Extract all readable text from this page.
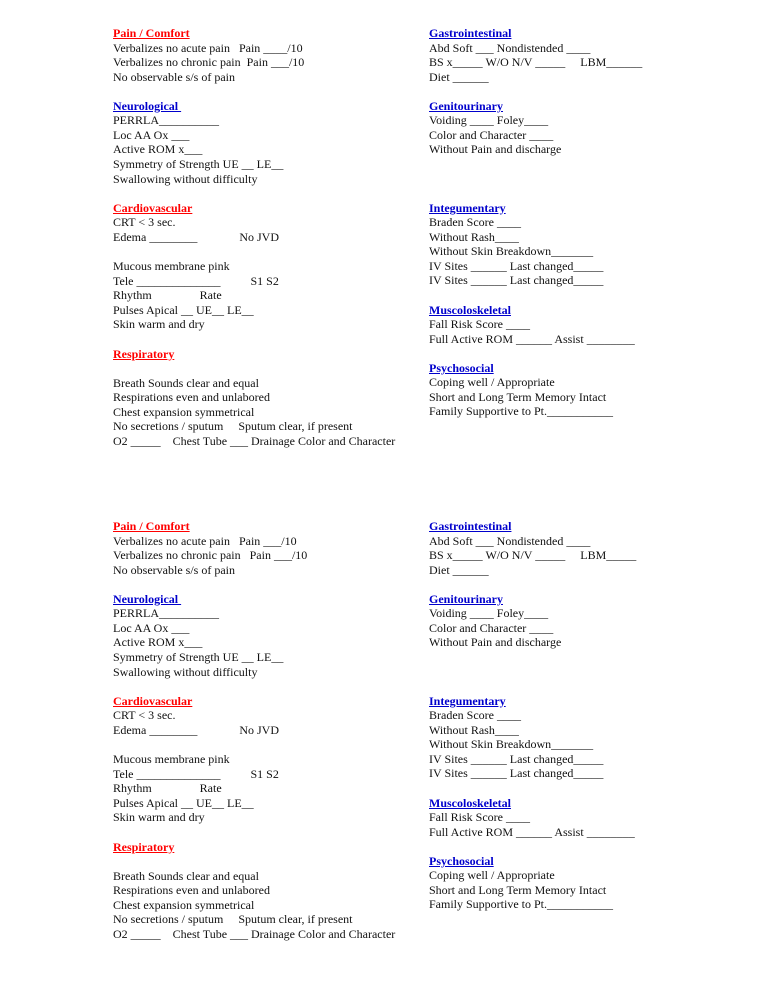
Pain / Comfort
Verbalizes no acute pain   Pain ____/10
Verbalizes no chronic pain  Pain ___/10
No observable s/s of pain
Neurological
PERRLA__________
Loc AA Ox ___
Active ROM x___
Symmetry of Strength UE __ LE__
Swallowing without difficulty
Cardiovascular
CRT < 3 sec.
Edema ________              No JVD
Mucous membrane pink
Tele ______________          S1 S2
Rhythm                Rate
Pulses Apical __ UE__ LE__
Skin warm and dry
Respiratory
Breath Sounds clear and equal
Respirations even and unlabored
Chest expansion symmetrical
No secretions / sputum     Sputum clear, if present
O2 _____    Chest Tube ___ Drainage Color and Character
Gastrointestinal
Abd Soft ___ Nondistended ____
BS x_____ W/O N/V _____     LBM______
Diet ______
Genitourinary
Voiding ____ Foley____
Color and Character ____
Without Pain and discharge
Integumentary
Braden Score ____
Without Rash____
Without Skin Breakdown_______
IV Sites ______ Last changed_____
IV Sites ______ Last changed_____
Muscoloskeletal
Fall Risk Score ____
Full Active ROM ______ Assist ________
Psychosocial
Coping well / Appropriate
Short and Long Term Memory Intact
Family Supportive to Pt.___________
Pain / Comfort
Verbalizes no acute pain   Pain ___/10
Verbalizes no chronic pain   Pain ___/10
No observable s/s of pain
Neurological
PERRLA__________
Loc AA Ox ___
Active ROM x___
Symmetry of Strength UE __ LE__
Swallowing without difficulty
Cardiovascular
CRT < 3 sec.
Edema ________              No JVD
Mucous membrane pink
Tele ______________          S1 S2
Rhythm                Rate
Pulses Apical __ UE__ LE__
Skin warm and dry
Respiratory
Breath Sounds clear and equal
Respirations even and unlabored
Chest expansion symmetrical
No secretions / sputum     Sputum clear, if present
O2 _____    Chest Tube ___ Drainage Color and Character
Gastrointestinal
Abd Soft ___ Nondistended ____
BS x_____ W/O N/V _____     LBM_____
Diet ______
Genitourinary
Voiding ____ Foley____
Color and Character ____
Without Pain and discharge
Integumentary
Braden Score ____
Without Rash____
Without Skin Breakdown_______
IV Sites ______ Last changed_____
IV Sites ______ Last changed_____
Muscoloskeletal
Fall Risk Score ____
Full Active ROM ______ Assist ________
Psychosocial
Coping well / Appropriate
Short and Long Term Memory Intact
Family Supportive to Pt.___________
